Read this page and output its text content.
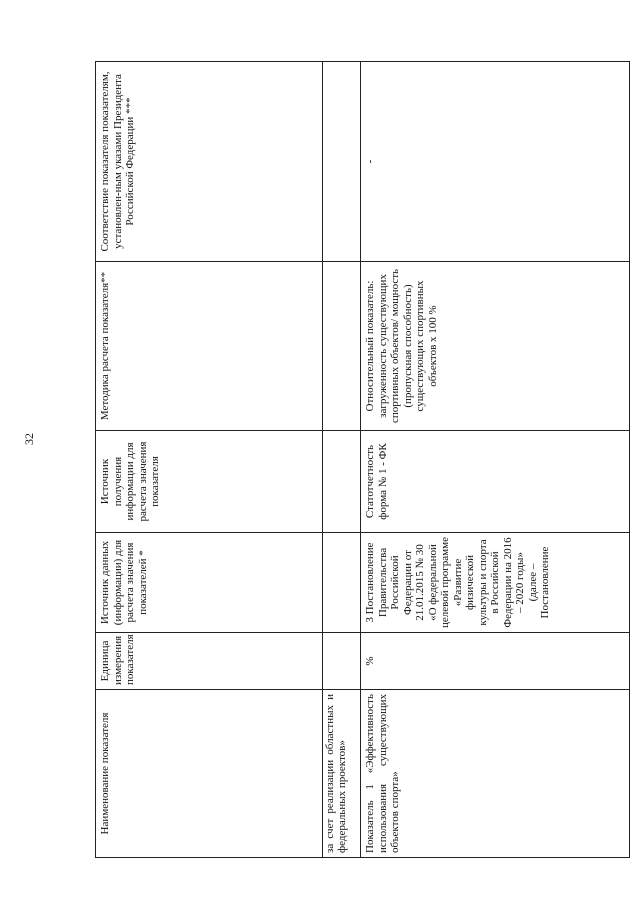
32
Наименование показателя	Единица измерения показателя	Источник данных (информации) для расчета значения показателей *	Источник получения информации для расчета значения показателя	Методика расчета показателя**	Соответствие показателя показателям, установлен-ным указами Президента Российской Федерации ***
за счет реализации областных и федеральных проектов»					
Показатель 1 «Эффективность использования существующих объектов спорта»	%	3 Постановление Правительства Российской Федерации от 21.01.2015 № 30 «О федеральной целевой программе «Развитие физической культуры и спорта в Российской Федерации на 2016 – 2020 годы» (далее – Постановление	Статотчетность форма № 1 - ФК	Относительный показатель: загруженность существующих спортивных объектов/ мощность (пропускная способность) существующих спортивных объектов х 100 %	-
